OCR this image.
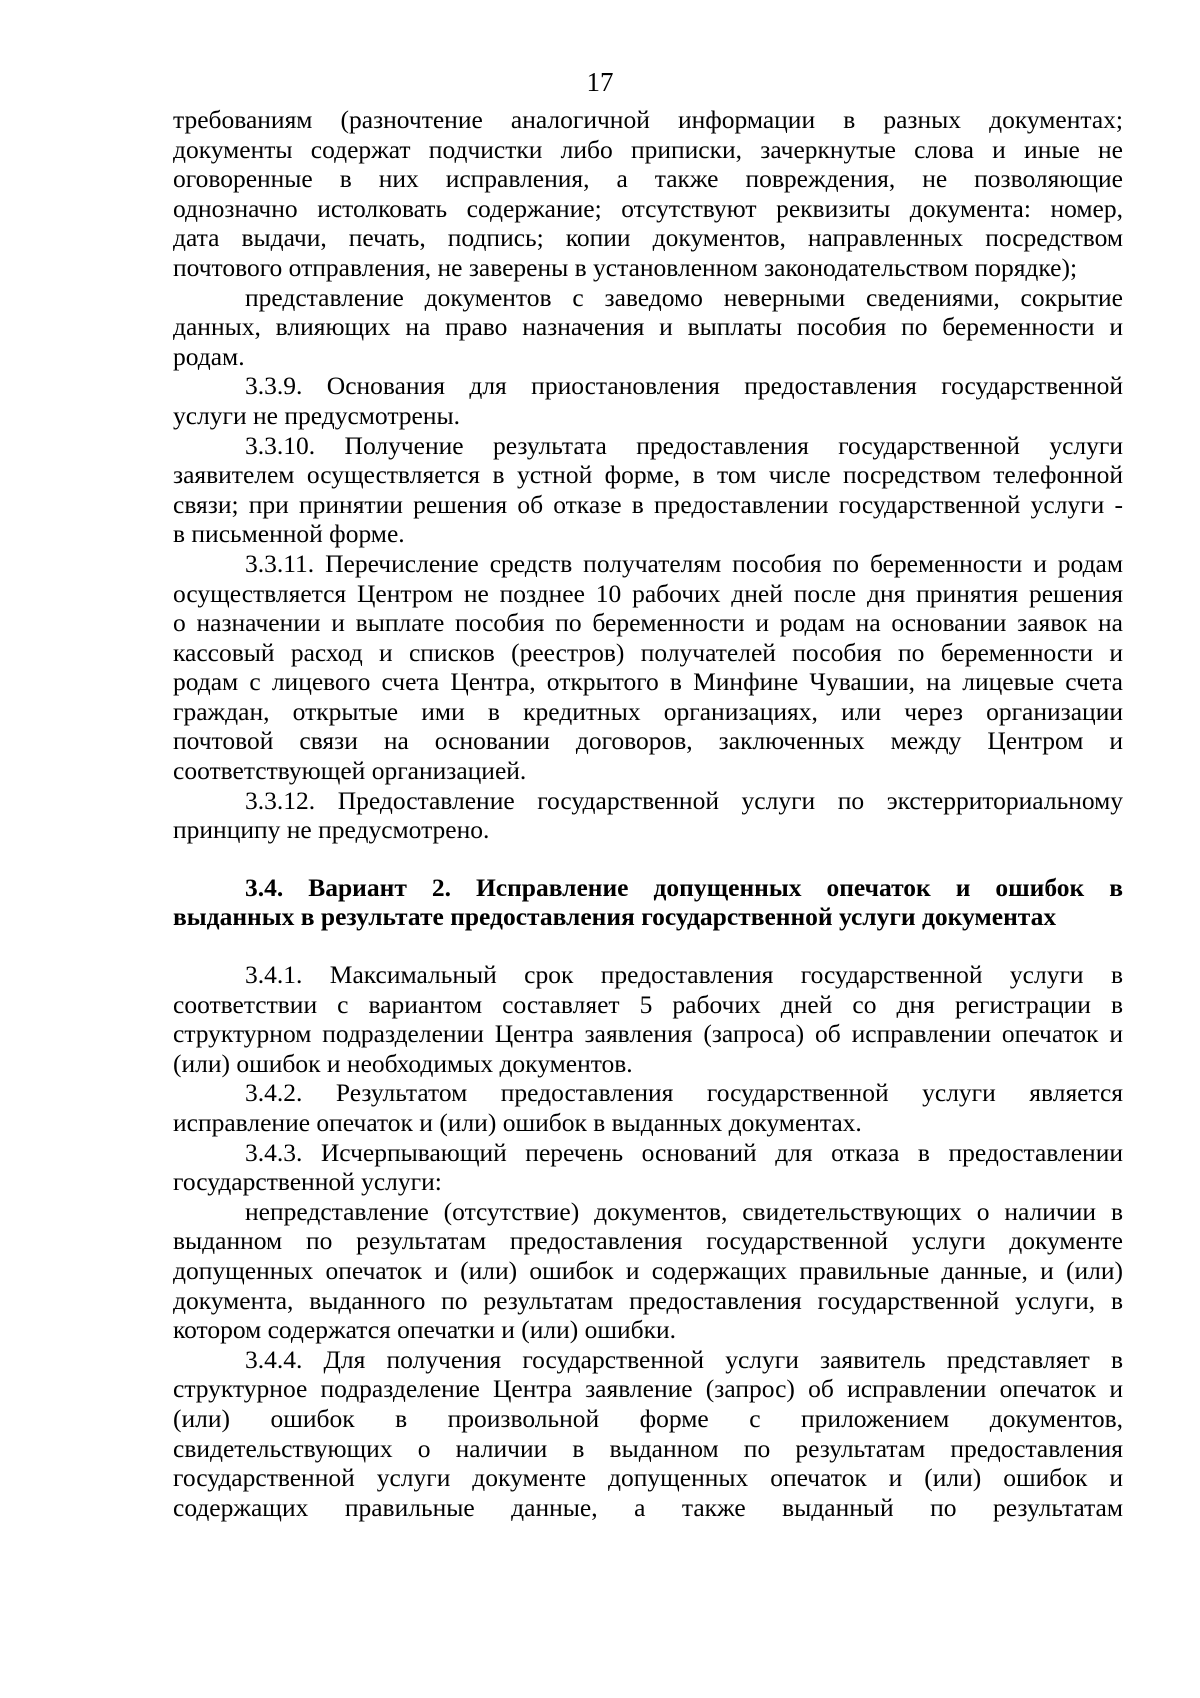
17
требованиям (разночтение аналогичной информации в разных документах;
документы содержат подчистки либо приписки, зачеркнутые слова и иные не
оговоренные в них исправления, а также повреждения, не позволяющие
однозначно истолковать содержание; отсутствуют реквизиты документа: номер,
дата выдачи, печать, подпись; копии документов, направленных посредством
почтового отправления, не заверены в установленном законодательством порядке);
представление документов с заведомо неверными сведениями, сокрытие
данных, влияющих на право назначения и выплаты пособия по беременности и
родам.
3.3.9. Основания для приостановления предоставления государственной
услуги не предусмотрены.
3.3.10. Получение результата предоставления государственной услуги
заявителем осуществляется в устной форме, в том числе посредством телефонной
связи; при принятии решения об отказе в предоставлении государственной услуги -
в письменной форме.
3.3.11. Перечисление средств получателям пособия по беременности и родам
осуществляется Центром не позднее 10 рабочих дней после дня принятия решения
о назначении и выплате пособия по беременности и родам на основании заявок на
кассовый расход и списков (реестров) получателей пособия по беременности и
родам с лицевого счета Центра, открытого в Минфине Чувашии, на лицевые счета
граждан, открытые ими в кредитных организациях, или через организации
почтовой связи на основании договоров, заключенных между Центром и
соответствующей организацией.
3.3.12. Предоставление государственной услуги по экстерриториальному
принципу не предусмотрено.
3.4. Вариант 2. Исправление допущенных опечаток и ошибок в
выданных в результате предоставления государственной услуги документах
3.4.1. Максимальный срок предоставления государственной услуги в
соответствии с вариантом составляет 5 рабочих дней со дня регистрации в
структурном подразделении Центра заявления (запроса) об исправлении опечаток и
(или) ошибок и необходимых документов.
3.4.2. Результатом предоставления государственной услуги является
исправление опечаток и (или) ошибок в выданных документах.
3.4.3. Исчерпывающий перечень оснований для отказа в предоставлении
государственной услуги:
непредставление (отсутствие) документов, свидетельствующих о наличии в
выданном по результатам предоставления государственной услуги документе
допущенных опечаток и (или) ошибок и содержащих правильные данные, и (или)
документа, выданного по результатам предоставления государственной услуги, в
котором содержатся опечатки и (или) ошибки.
3.4.4. Для получения государственной услуги заявитель представляет в
структурное подразделение Центра заявление (запрос) об исправлении опечаток и
(или) ошибок в произвольной форме с приложением документов,
свидетельствующих о наличии в выданном по результатам предоставления
государственной услуги документе допущенных опечаток и (или) ошибок и
содержащих правильные данные, а также выданный по результатам
